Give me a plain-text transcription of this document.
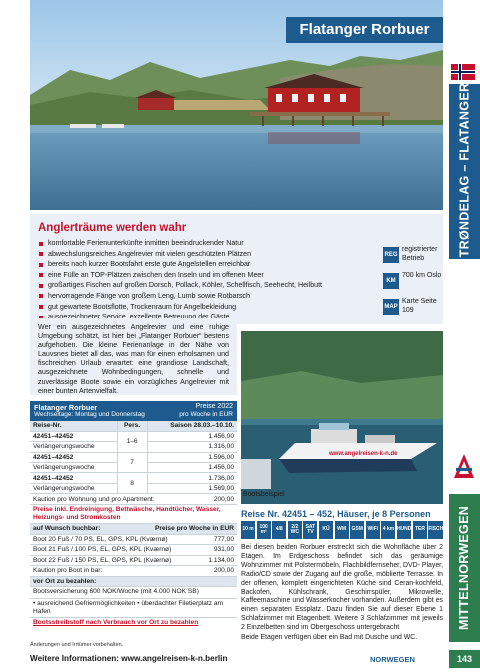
Flatanger Rorbuer
TRØNDELAG – FLATANGER
MITTELNORWEGEN
143
Anglerträume werden wahr
komfortable Ferienunterkünfte inmitten beeindruckender Natur
abwechslungsreiches Angelrevier mit vielen geschützten Plätzen
bereits nach kurzer Bootsfahrt erste gute Angelstellen erreichbar
eine Fülle an TOP-Plätzen zwischen den Inseln und im offenen Meer
großartiges Fischen auf großen Dorsch, Pollack, Köhler, Schellfisch, Seehecht, Heilbutt
hervorragende Fänge von großem Leng, Lumb sowie Rotbarsch
gut gewartete Bootsflotte, Trockenraum für Angelbekleidung
REG
registrierter Betrieb
KM
700 km Oslo
MAP
Karte Seite 109

Wer ein ausgezeichnetes Angelrevier und eine ruhige Umgebung schätzt, ist hier bei „Flatanger Rorbuer“ bestens aufgehoben. Die kleine Ferienanlage in der Nähe von Lauvsnes bietet all das, was man für einen erholsamen und fischreichen Urlaub erwartet: eine grandiose Landschaft, ausgezeichnete Wohnbedingungen, schnelle und zuverlässige Boote sowie ein vorzügliches Angelrevier mit einer bunten Artenvielfalt.

www.angelreisen-k-n.de
Bootsbeispiel
Flatanger Rorbuer
Wechseltage: Montag und Donnerstag
Preise 2022
pro Woche in EUR
Reise-Nr.	Pers.	Saison 28.03.–10.10.
42451–42452	1–6	1.456,00
Verlängerungswoche		1.316,00
42451–42452	7	1.596,00
Verlängerungswoche		1.456,00
42451–42452	8	1.736,00
Verlängerungswoche		1.569,00
Kaution pro Wohnung und pro Apartment:	200,00
Preise inkl. Endreinigung, Bettwäsche, Handtücher, Wasser, Heizungs- und Stromkosten
auf Wunsch buchbar:	Preise pro Woche in EUR
Boot 20 Fuß / 70 PS, EL, GPS, KPL (Kværnø)	777,00
Boot 21 Fuß / 100 PS, EL, GPS, KPL (Kværnø)	931,00
Boot 22 Fuß / 150 PS, EL, GPS, KPL (Kværnø)	1.134,00
Kaution pro Boot in bar:	200,00
vor Ort zu bezahlen:
Bootsversicherung 600 NOK/Woche (mit 4.000 NOK SB)
• ausreichend Gefriermöglichkeiten • überdachter Filetierplatz am Hafen
Bootsstreibstoff nach Verbrauch vor Ort zu bezahlen
Reise Nr. 42451 – 452, Häuser, je 8 Personen
10 m	100 m²	4/8	2/2 WC
SAT TV	KÜ	WM	GSM WiFi 4 km HUND TER FISCH

Bei diesen beiden Rorbuer erstreckt sich die Wohnfläche über 2 Etagen. Im Erdgeschoss befindet sich das geräumige Wohnzimmer mit Polstermöbeln, Flachbildfernseher, DVD- Player, Radio/CD sowie der Zugang auf die große, möblierte Terrasse. In der offenen, komplett eingerichteten Küche sind Ceran-kochfeld, Backofen, Kühlschrank, Geschirrspüler, Mikrowelle, Kaffeemaschine und Wasserkocher vorhanden. Außerdem gibt es einen separaten Essplatz. Dazu finden Sie auf dieser Ebene 1 Schlafzimmer mit Etagenbett. Weitere 3 Schlafzimmer mit jeweils 2 Einzelbetten sind im Obergeschoss untergebracht

Beide Etagen verfügen über ein Bad mit Dusche und WC.

Änderungen und Irrtümer vorbehalten.
Weitere Informationen: www.angelreisen-k-n.berlin	NORWEGEN
